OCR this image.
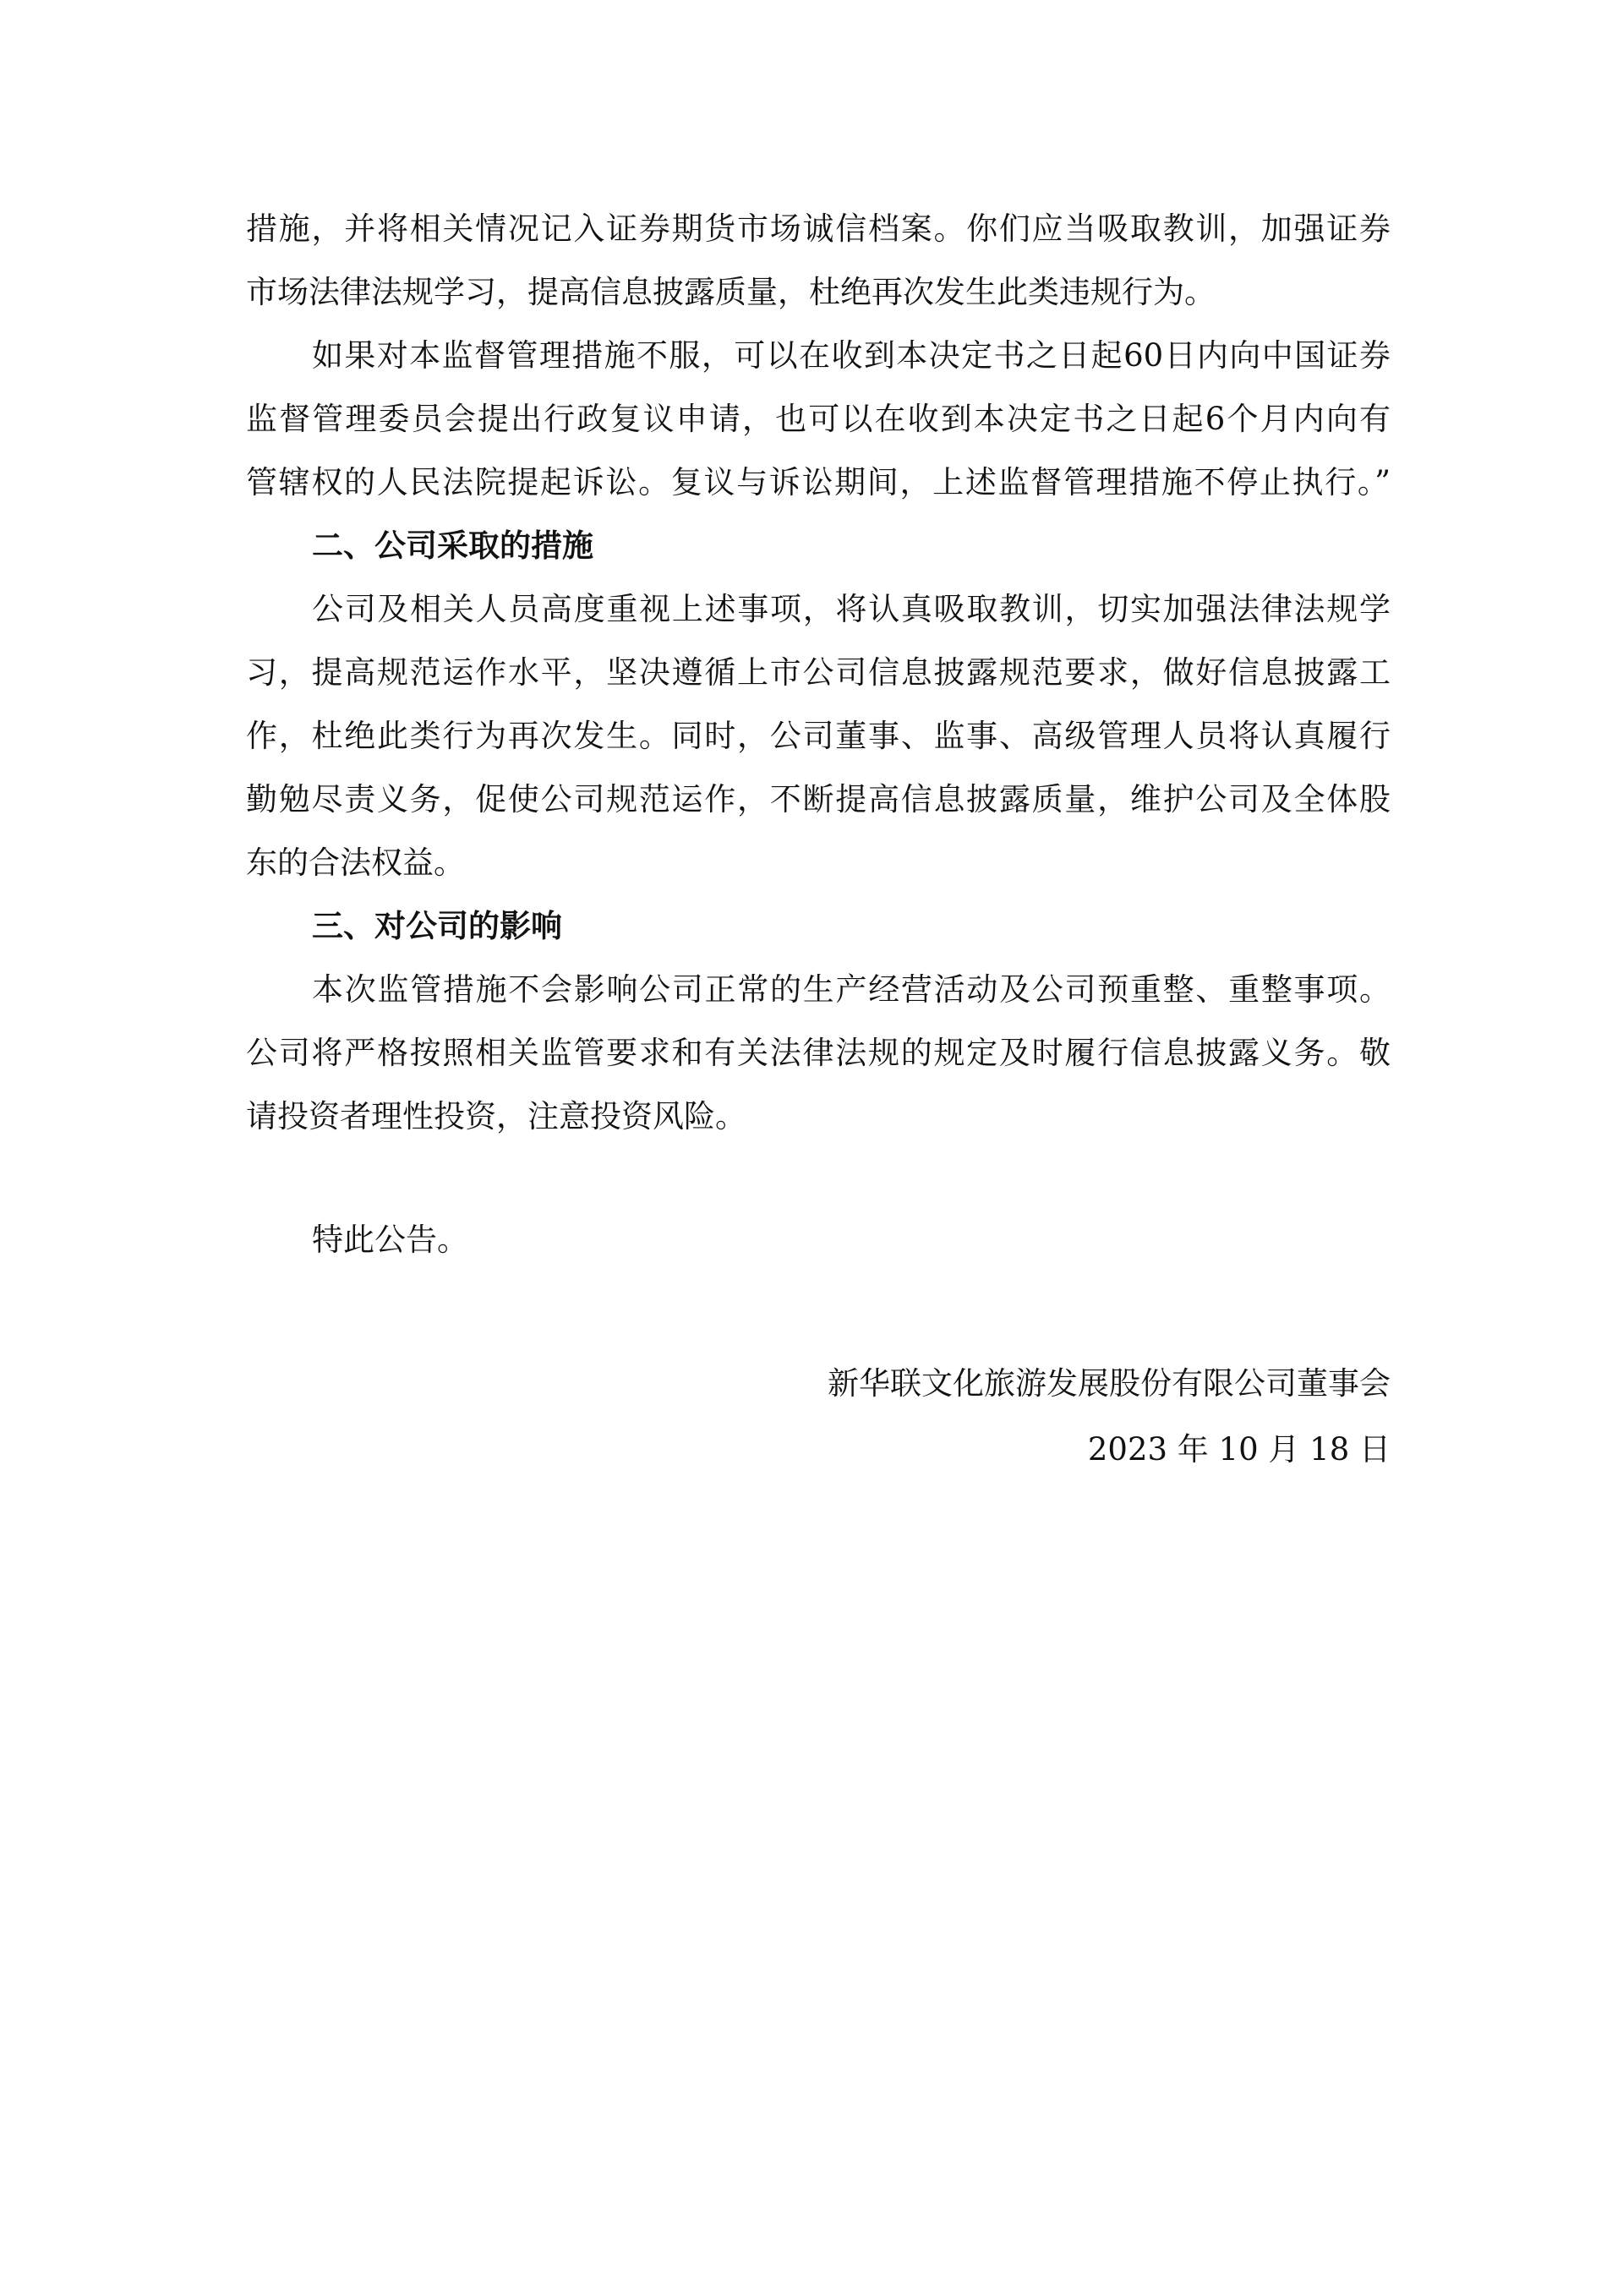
措施，并将相关情况记入证券期货市场诚信档案。你们应当吸取教训，加强证券
市场法律法规学习，提高信息披露质量，杜绝再次发生此类违规行为。
如果对本监督管理措施不服，可以在收到本决定书之日起60日内向中国证券
监督管理委员会提出行政复议申请，也可以在收到本决定书之日起6个月内向有
管辖权的人民法院提起诉讼。复议与诉讼期间，上述监督管理措施不停止执行。”
二、公司采取的措施
公司及相关人员高度重视上述事项，将认真吸取教训，切实加强法律法规学
习，提高规范运作水平，坚决遵循上市公司信息披露规范要求，做好信息披露工
作，杜绝此类行为再次发生。同时，公司董事、监事、高级管理人员将认真履行
勤勉尽责义务，促使公司规范运作，不断提高信息披露质量，维护公司及全体股
东的合法权益。
三、对公司的影响
本次监管措施不会影响公司正常的生产经营活动及公司预重整、重整事项。
公司将严格按照相关监管要求和有关法律法规的规定及时履行信息披露义务。敬
请投资者理性投资，注意投资风险。
特此公告。
新华联文化旅游发展股份有限公司董事会
2023 年 10 月 18 日
